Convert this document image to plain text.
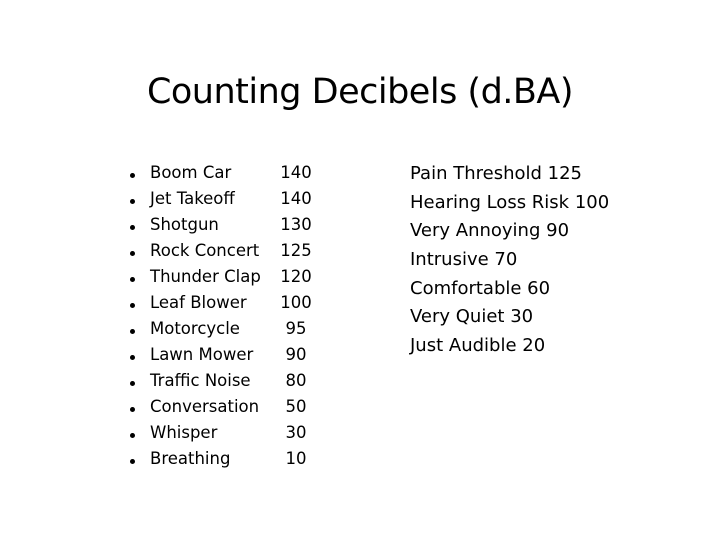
Counting Decibels (d.BA)
Boom Car	140
Jet Takeoff	140
Shotgun	130
Rock Concert	125
Thunder Clap	120
Leaf Blower	100
Motorcycle	95
Lawn Mower	90
Traffic Noise	80
Conversation	50
Whisper	30
Breathing	10
Pain Threshold 125
Hearing Loss Risk 100
Very Annoying 90
Intrusive 70
Comfortable 60
Very Quiet 30
Just Audible 20
